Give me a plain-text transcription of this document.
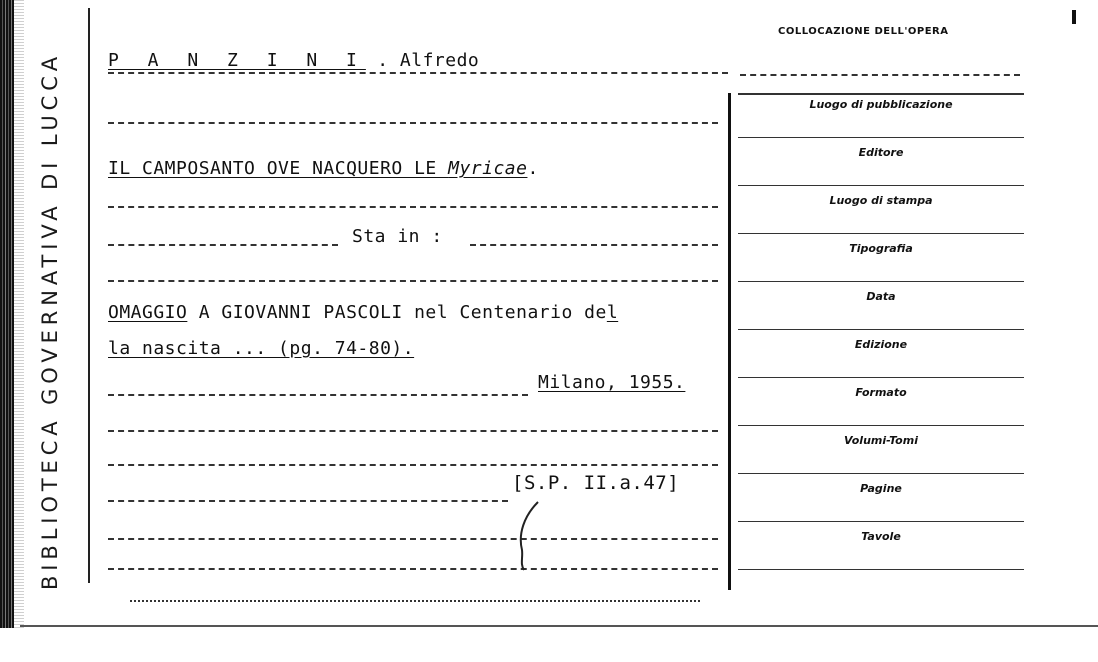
BIBLIOTECA GOVERNATIVA DI LUCCA
COLLOCAZIONE DELL'OPERA
P A N Z I N I . Alfredo
IL CAMPOSANTO OVE NACQUERO LE Myricae.
Sta in :
OMAGGIO A GIOVANNI PASCOLI nel Centenario del
la nascita ... (pg. 74-80).
Milano, 1955.
[S.P. II.a.47]
Luogo di pubblicazione
Editore
Luogo di stampa
Tipografia
Data
Edizione
Formato
Volumi-Tomi
Pagine
Tavole
